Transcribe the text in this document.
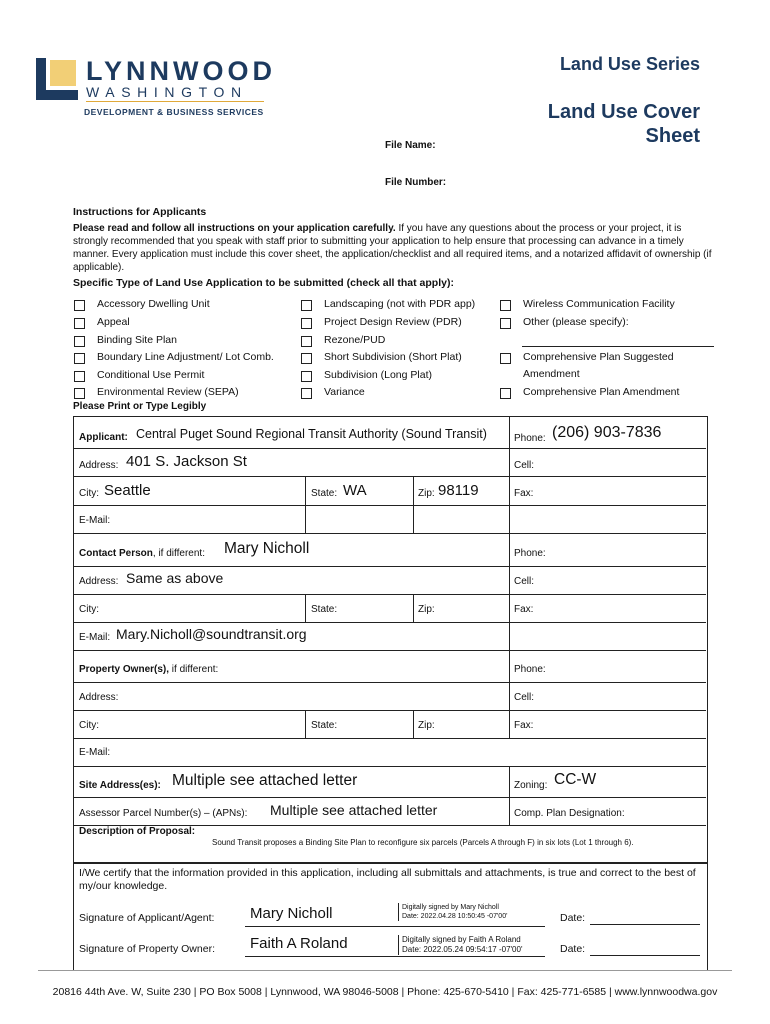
LYNNWOOD
WASHINGTON
DEVELOPMENT & BUSINESS SERVICES
Land Use Series
Land Use Cover Sheet
File Name:
File Number:
Instructions for Applicants
Please read and follow all instructions on your application carefully. If you have any questions about the process or your project, it is strongly recommended that you speak with staff prior to submitting your application to help ensure that processing can advance in a timely manner. Every application must include this cover sheet, the application/checklist and all required items, and a notarized affidavit of ownership (if applicable).
Specific Type of Land Use Application to be submitted (check all that apply):
Accessory Dwelling Unit
Appeal
Binding Site Plan
Boundary Line Adjustment/ Lot Comb.
Conditional Use Permit
Environmental Review (SEPA)
Landscaping (not with PDR app)
Project Design Review (PDR)
Rezone/PUD
Short Subdivision (Short Plat)
Subdivision (Long Plat)
Variance
Wireless Communication Facility
Other (please specify):
Comprehensive Plan Suggested
Amendment
Comprehensive Plan Amendment
Please Print or Type Legibly
Applicant: Central Puget Sound Regional Transit Authority (Sound Transit)	Phone: (206) 903-7836
Address: 401 S. Jackson St	Cell:
City: Seattle	State: WA	Zip: 98119	Fax:
E-Mail:
Contact Person, if different: Mary Nicholl	Phone:
Address: Same as above	Cell:
City:	State:	Zip:	Fax:
E-Mail: Mary.Nicholl@soundtransit.org
Property Owner(s), if different:	Phone:
Address:	Cell:
City:	State:	Zip:	Fax:
E-Mail:
Site Address(es): Multiple see attached letter	Zoning: CC-W
Assessor Parcel Number(s) – (APNs): Multiple see attached letter	Comp. Plan Designation:
Description of Proposal:
Sound Transit proposes a Binding Site Plan to reconfigure six parcels (Parcels A through F) in six lots (Lot 1 through 6).
I/We certify that the information provided in this application, including all submittals and attachments, is true and correct to the best of my/our knowledge.
Signature of Applicant/Agent: Mary Nicholl	Digitally signed by Mary Nicholl
Date: 2022.04.28 10:50:45 -07'00'	Date:
Signature of Property Owner: Faith A Roland	Digitally signed by Faith A Roland
Date: 2022.05.24 09:54:17 -07'00'	Date:
20816 44th Ave. W, Suite 230 | PO Box 5008 | Lynnwood, WA 98046-5008 | Phone: 425-670-5410 | Fax: 425-771-6585 | www.lynnwoodwa.gov
